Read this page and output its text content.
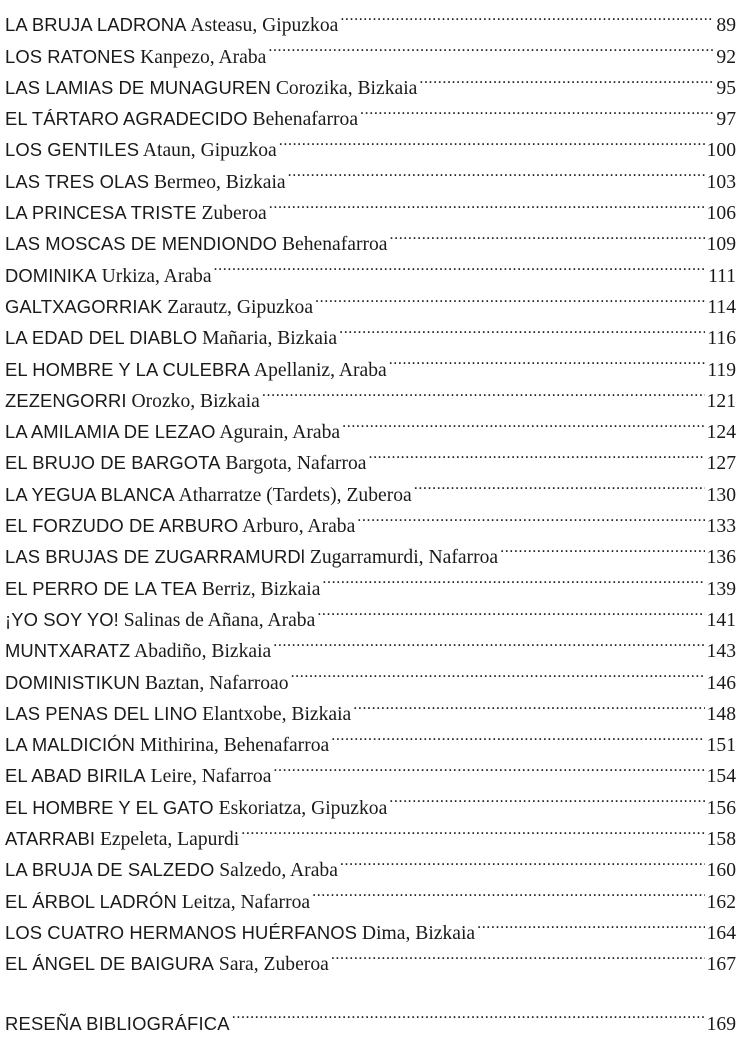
LA BRUJA LADRONA Asteasu, Gipuzkoa .....	89
LOS RATONES Kanpezo, Araba .....	92
LAS LAMIAS DE MUNAGUREN Corozika, Bizkaia .....	95
EL TÁRTARO AGRADECIDO Behenafarroa .....	97
LOS GENTILES Ataun, Gipuzkoa .....	100
LAS TRES OLAS Bermeo, Bizkaia .....	103
LA PRINCESA TRISTE Zuberoa .....	106
LAS MOSCAS DE MENDIONDO Behenafarroa .....	109
DOMINIKA Urkiza, Araba .....	111
GALTXAGORRIAK Zarautz, Gipuzkoa .....	114
LA EDAD DEL DIABLO Mañaria, Bizkaia .....	116
EL HOMBRE Y LA CULEBRA Apellaniz, Araba .....	119
ZEZENGORRI Orozko, Bizkaia .....	121
LA AMILAMIA DE LEZAO Agurain, Araba .....	124
EL BRUJO DE BARGOTA Bargota, Nafarroa .....	127
LA YEGUA BLANCA Atharratze (Tardets), Zuberoa .....	130
EL FORZUDO DE ARBURO Arburo, Araba .....	133
LAS BRUJAS DE ZUGARRAMURDl Zugarramurdi, Nafarroa .....	136
EL PERRO DE LA TEA Berriz, Bizkaia .....	139
¡YO SOY YO! Salinas de Añana, Araba .....	141
MUNTXARATZ Abadiño, Bizkaia .....	143
DOMINISTIKUN Baztan, Nafarroao .....	146
LAS PENAS DEL LINO Elantxobe, Bizkaia .....	148
LA MALDICIÓN Mithirina, Behenafarroa .....	151
EL ABAD BIRILA Leire, Nafarroa .....	154
EL HOMBRE Y EL GATO Eskoriatza, Gipuzkoa .....	156
ATARRABI Ezpeleta, Lapurdi .....	158
LA BRUJA DE SALZEDO Salzedo, Araba .....	160
EL ÁRBOL LADRÓN Leitza, Nafarroa .....	162
LOS CUATRO HERMANOS HUÉRFANOS Dima, Bizkaia .....	164
EL ÁNGEL DE BAIGURA Sara, Zuberoa .....	167
RESEÑA BIBLIOGRÁFICA .....	169
